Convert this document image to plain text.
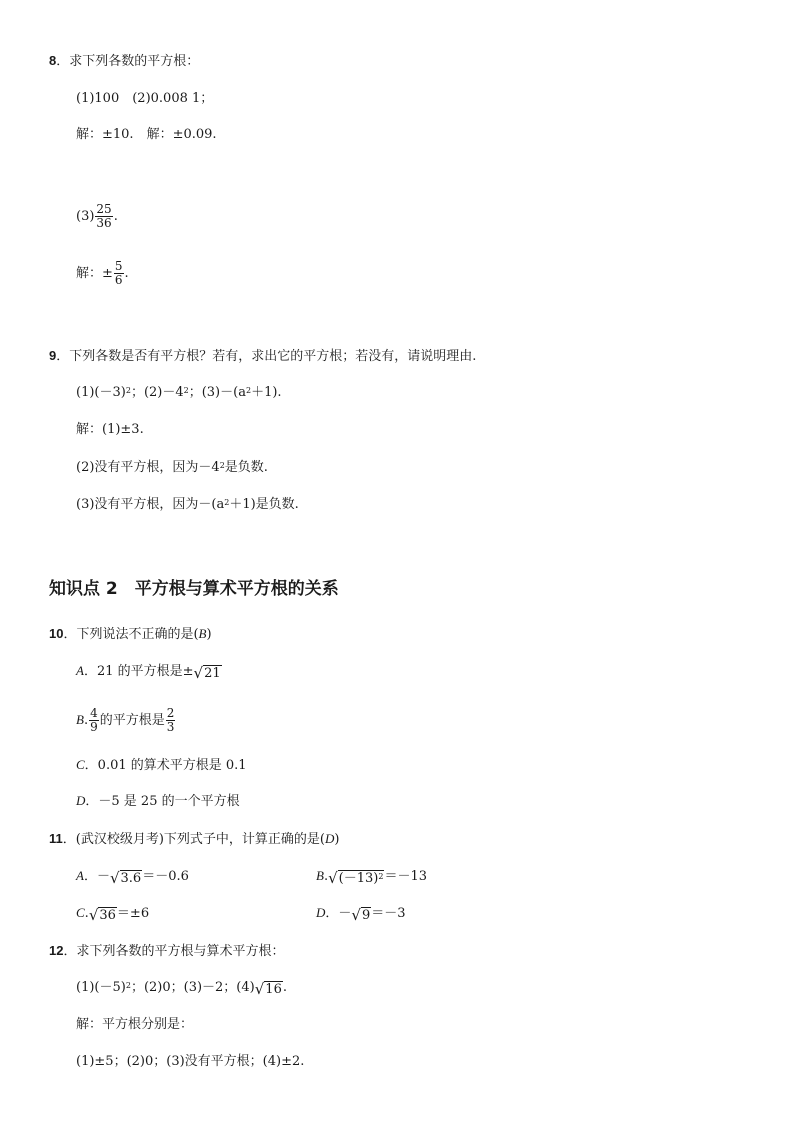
8．求下列各数的平方根：
(1)100　(2)0.008 1；
解：±10.　解：±0.09.
$(3) \frac{25}{36}$ .
解：± $\frac{5}{6}$ .
9．下列各数是否有平方根？若有，求出它的平方根；若没有，请说明理由.
$(1)(-3)^2$；$(2)-4^2$；$(3)-(a^2+1)$.
解：(1)±3.
(2)没有平方根，因为$-4^2$是负数.
(3)没有平方根，因为$-(a^2+1)$是负数.
知识点 2　平方根与算术平方根的关系
10．下列说法不正确的是(B)
A．21 的平方根是± √ 21
B. $\frac{4}{9}$ 的平方根是 $\frac{2}{3}$
C．0.01 的算术平方根是 0.1
D．－5 是 25 的一个平方根
11．(武汉校级月考)下列式子中，计算正确的是(D)
A．－ √ 3.6 ＝－0.6	B. √ $(-13)^2 =-13$
C. √ 36 ＝±6	D．－ √ 9 ＝－3
12．求下列各数的平方根与算术平方根：
$(1)(-5)^2$；(2)0；(3)－2；(4) √ 16 .
解：平方根分别是：
(1)±5；(2)0；(3)没有平方根；(4)±2.
